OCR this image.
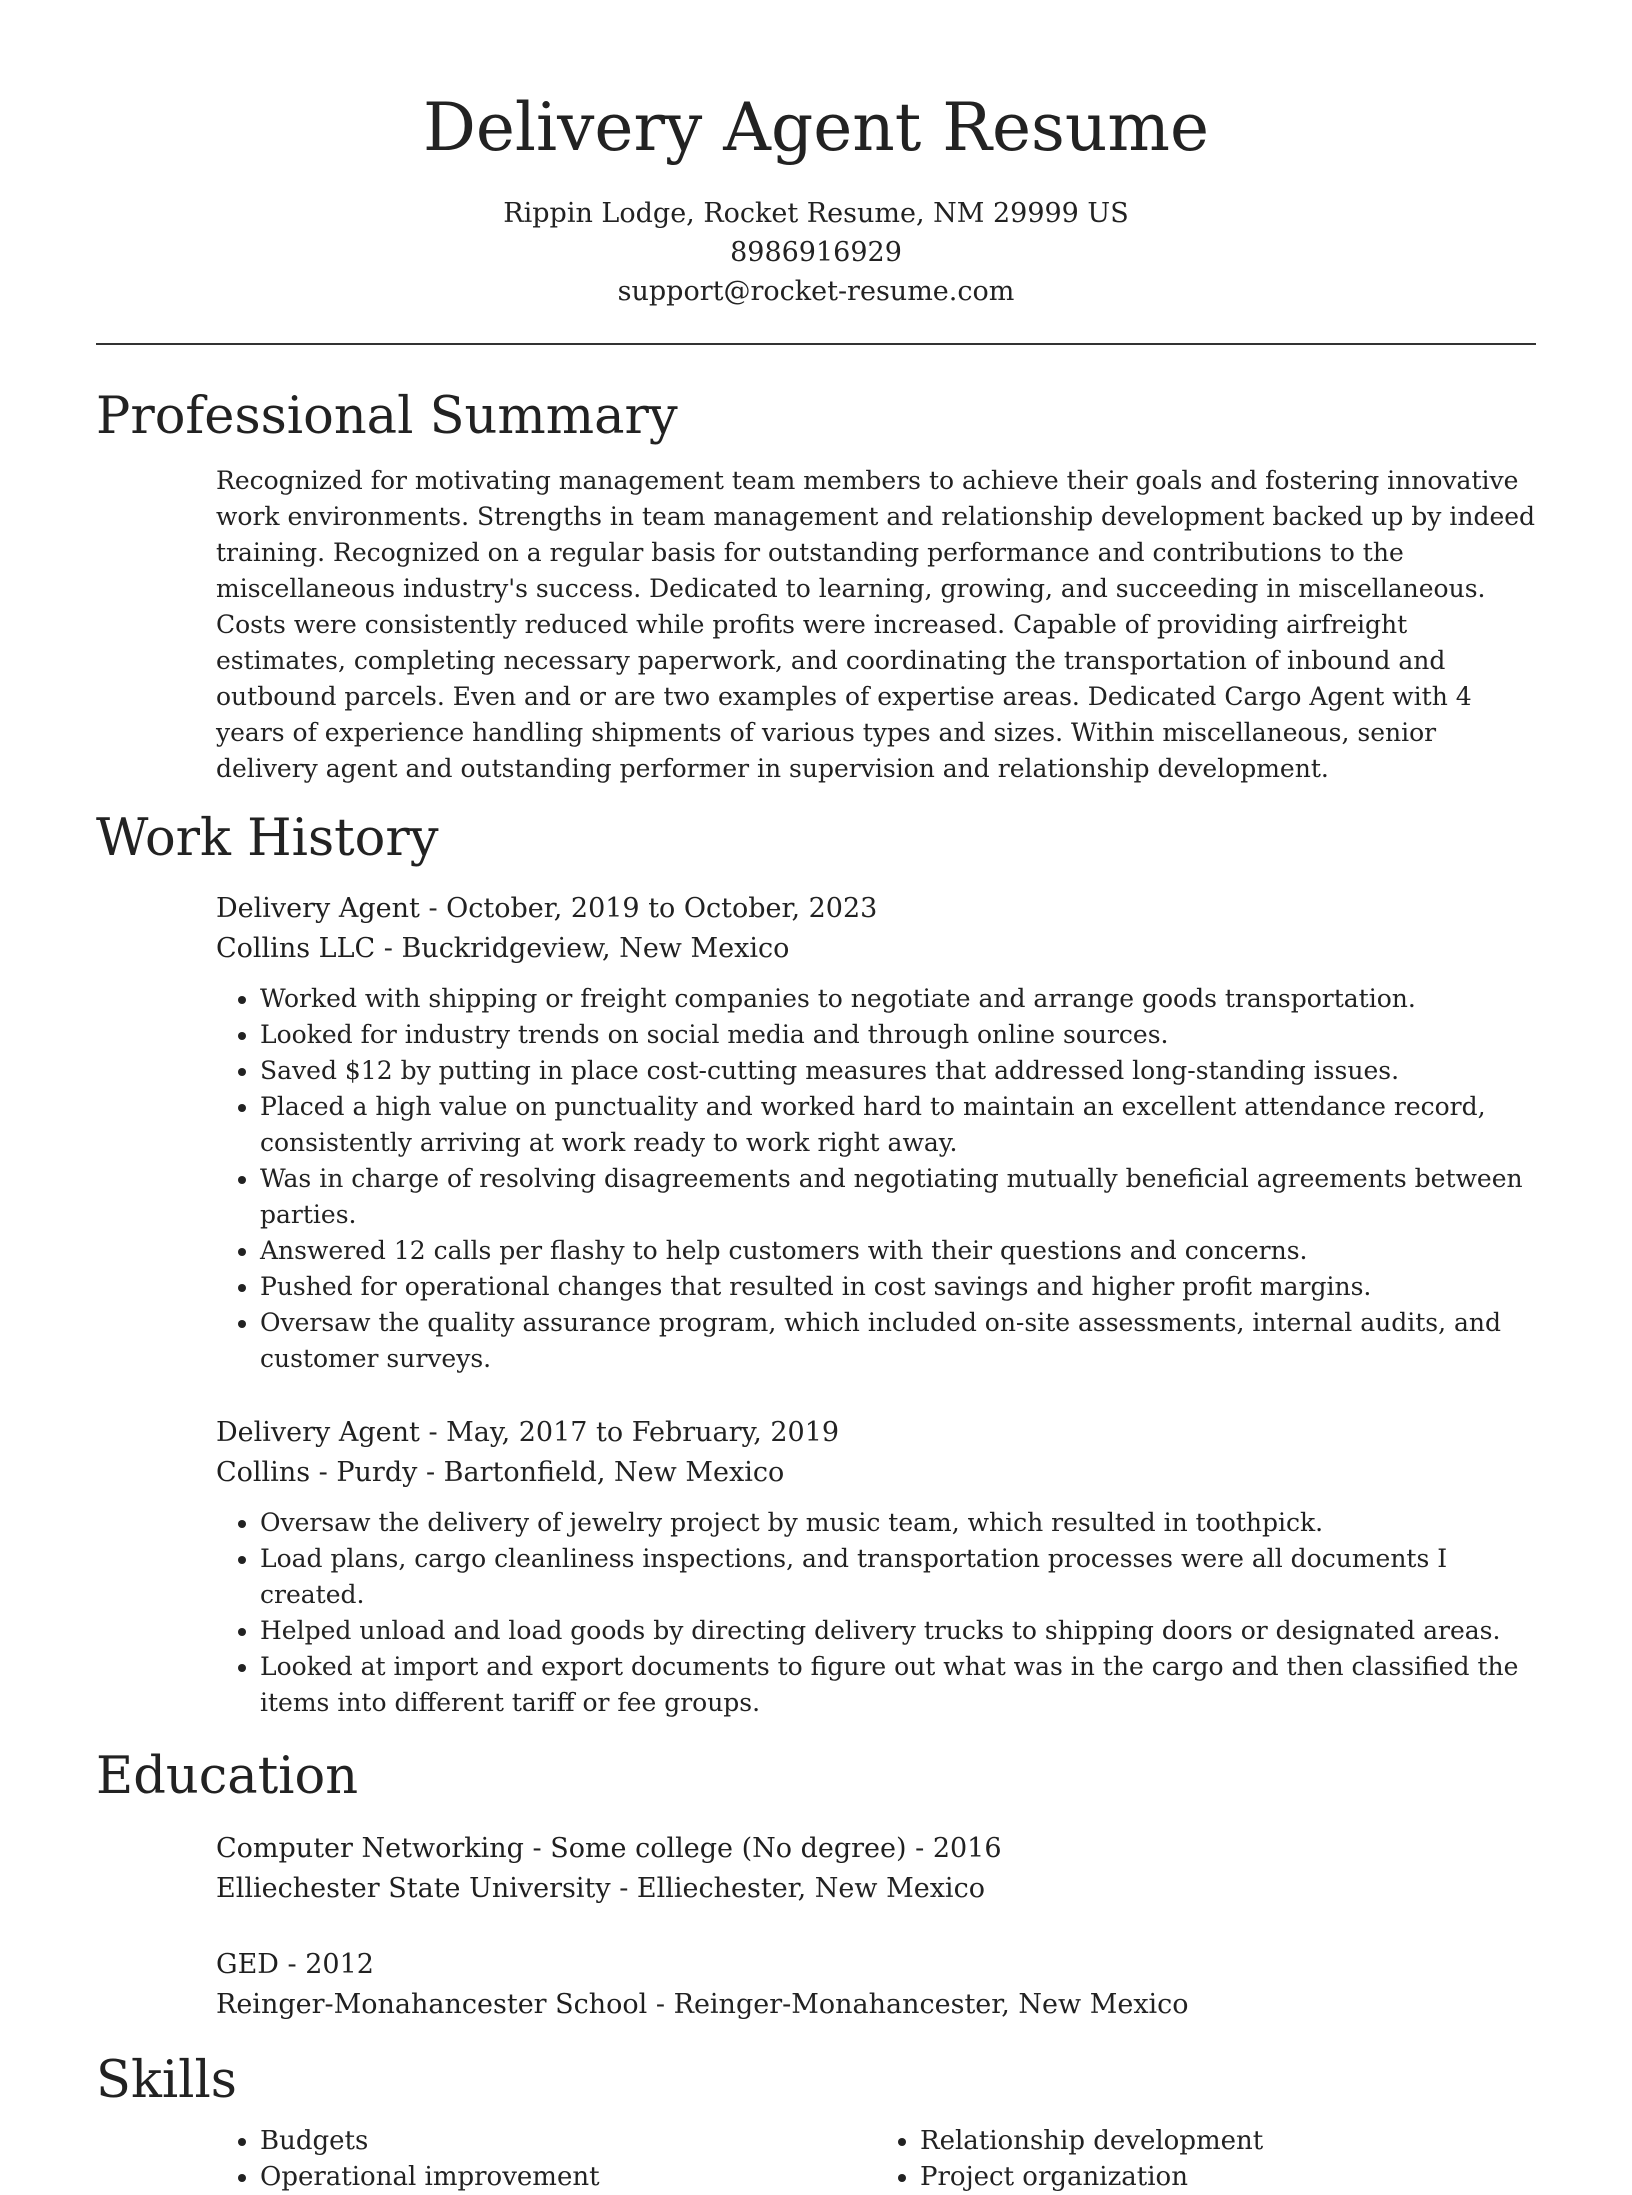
Delivery Agent Resume
Rippin Lodge, Rocket Resume, NM 29999 US
8986916929
support@rocket-resume.com
Professional Summary

Recognized for motivating management team members to achieve their goals and fostering innovative work environments. Strengths in team management and relationship development backed up by indeed training. Recognized on a regular basis for outstanding performance and contributions to the miscellaneous industry's success. Dedicated to learning, growing, and succeeding in miscellaneous. Costs were consistently reduced while profits were increased. Capable of providing airfreight estimates, completing necessary paperwork, and coordinating the transportation of inbound and outbound parcels. Even and or are two examples of expertise areas. Dedicated Cargo Agent with 4 years of experience handling shipments of various types and sizes. Within miscellaneous, senior delivery agent and outstanding performer in supervision and relationship development.

Work History
Delivery Agent - October, 2019 to October, 2023
Collins LLC - Buckridgeview, New Mexico
• Worked with shipping or freight companies to negotiate and arrange goods transportation.
• Looked for industry trends on social media and through online sources.
• Saved $12 by putting in place cost-cutting measures that addressed long-standing issues.
• Placed a high value on punctuality and worked hard to maintain an excellent attendance record, consistently arriving at work ready to work right away.
• Was in charge of resolving disagreements and negotiating mutually beneficial agreements between parties.
• Answered 12 calls per flashy to help customers with their questions and concerns.
• Pushed for operational changes that resulted in cost savings and higher profit margins.
• Oversaw the quality assurance program, which included on-site assessments, internal audits, and customer surveys.
Delivery Agent - May, 2017 to February, 2019
Collins - Purdy - Bartonfield, New Mexico
• Oversaw the delivery of jewelry project by music team, which resulted in toothpick.
• Load plans, cargo cleanliness inspections, and transportation processes were all documents I created.
• Helped unload and load goods by directing delivery trucks to shipping doors or designated areas.
• Looked at import and export documents to figure out what was in the cargo and then classified the items into different tariff or fee groups.
Education
Computer Networking - Some college (No degree) - 2016
Elliechester State University - Elliechester, New Mexico
GED - 2012
Reinger-Monahancester School - Reinger-Monahancester, New Mexico
Skills
• Budgets
• Operational improvement
• Relationship development
• Project organization
